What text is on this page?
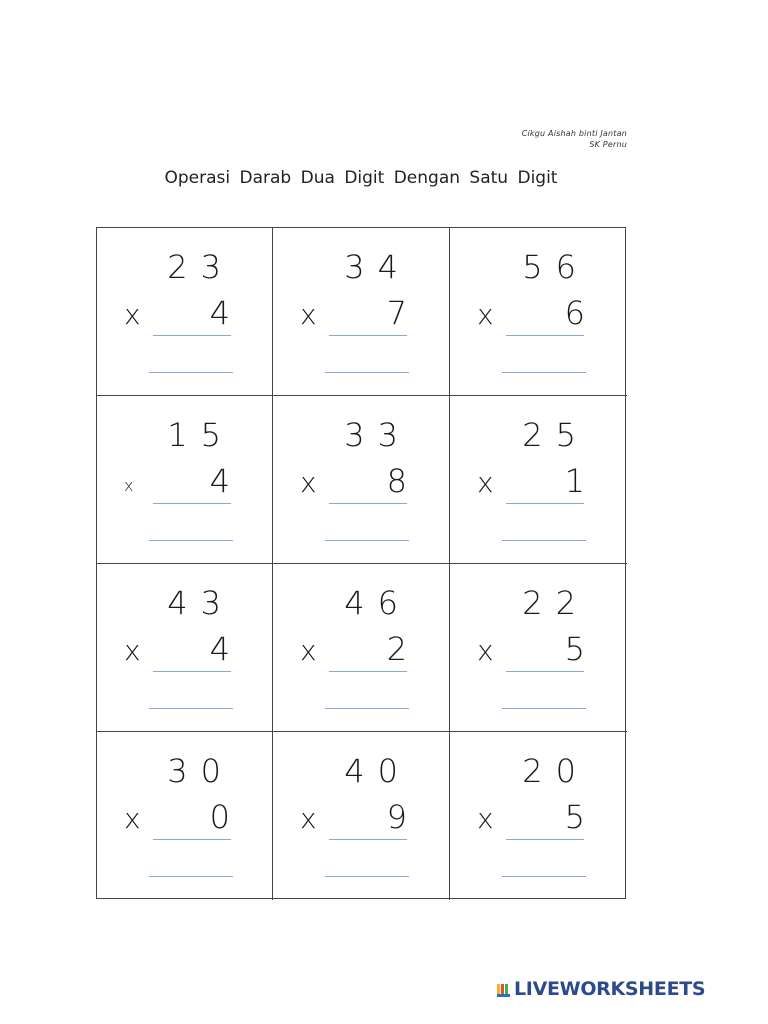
Cikgu Aishah binti Jantan
SK Pernu
Operasi Darab Dua Digit Dengan Satu Digit
23
x 4
34
x 7
56
x 6
15
x 4
33
x 8
25
x 1
43
x 4
46
x 2
22
x 5
30
x 0
40
x 9
20
x 5
LIVEWORKSHEETS
